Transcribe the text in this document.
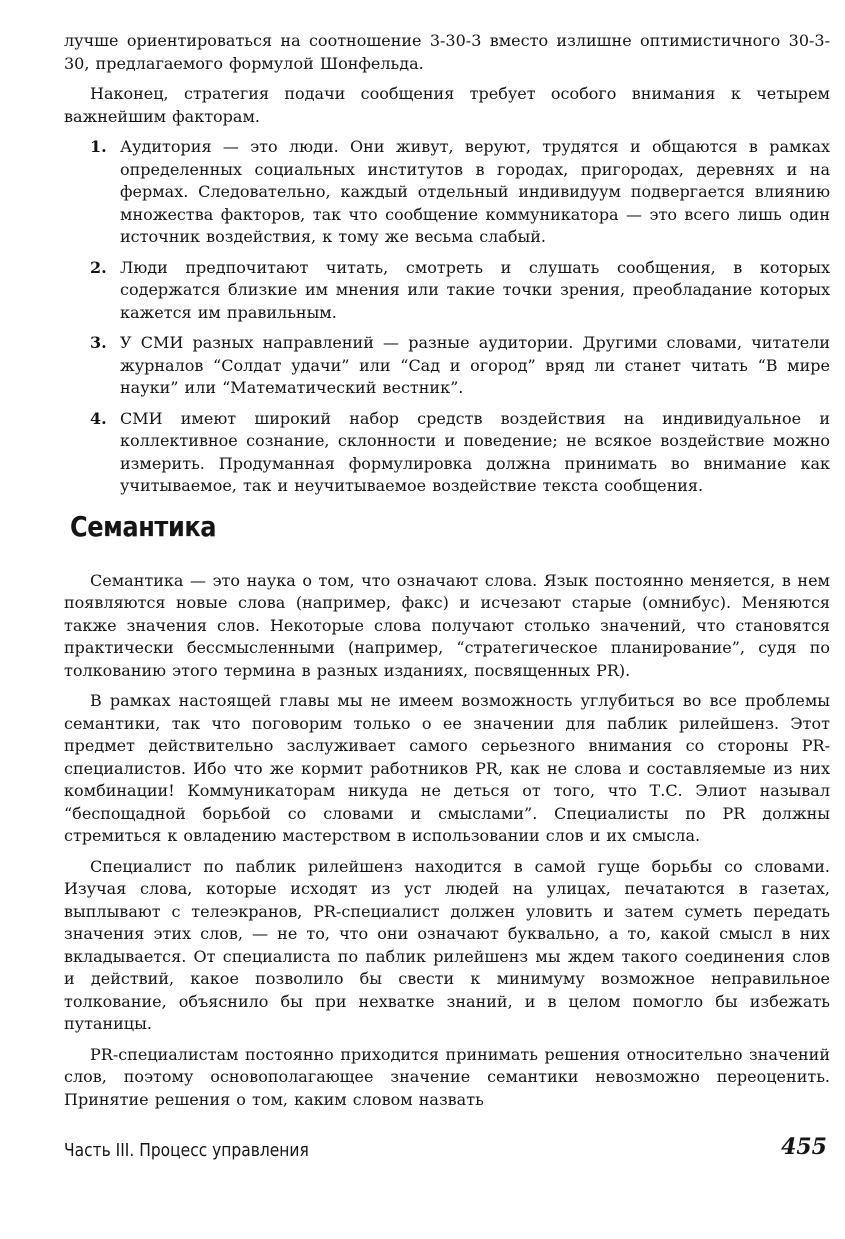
лучше ориентироваться на соотношение 3-30-3 вместо излишне оптимистичного 30-3-30, предлагаемого формулой Шонфельда.

Наконец, стратегия подачи сообщения требует особого внимания к четырем важнейшим факторам.

1. Аудитория — это люди. Они живут, веруют, трудятся и общаются в рамках определенных социальных институтов в городах, пригородах, деревнях и на фермах. Следовательно, каждый отдельный индивидуум подвергается влиянию множества факторов, так что сообщение коммуникатора — это всего лишь один источник воздействия, к тому же весьма слабый.
2. Люди предпочитают читать, смотреть и слушать сообщения, в которых содержатся близкие им мнения или такие точки зрения, преобладание которых кажется им правильным.
3. У СМИ разных направлений — разные аудитории. Другими словами, читатели журналов “Солдат удачи” или “Сад и огород” вряд ли станет читать “В мире науки” или “Математический вестник”.
4. СМИ имеют широкий набор средств воздействия на индивидуальное и коллективное сознание, склонности и поведение; не всякое воздействие можно измерить. Продуманная формулировка должна принимать во внимание как учитываемое, так и неучитываемое воздействие текста сообщения.
Семантика

Семантика — это наука о том, что означают слова. Язык постоянно меняется, в нем появляются новые слова (например, факс) и исчезают старые (омнибус). Меняются также значения слов. Некоторые слова получают столько значений, что становятся практически бессмысленными (например, “стратегическое планирование”, судя по толкованию этого термина в разных изданиях, посвященных PR).

В рамках настоящей главы мы не имеем возможность углубиться во все проблемы семантики, так что поговорим только о ее значении для паблик рилейшенз. Этот предмет действительно заслуживает самого серьезного внимания со стороны PR-специалистов. Ибо что же кормит работников PR, как не слова и составляемые из них комбинации! Коммуникаторам никуда не деться от того, что Т.С. Элиот называл “беспощадной борьбой со словами и смыслами”. Специалисты по PR должны стремиться к овладению мастерством в использовании слов и их смысла.

Специалист по паблик рилейшенз находится в самой гуще борьбы со словами. Изучая слова, которые исходят из уст людей на улицах, печатаются в газетах, выплывают с телеэкранов, PR-специалист должен уловить и затем суметь передать значения этих слов, — не то, что они означают буквально, а то, какой смысл в них вкладывается. От специалиста по паблик рилейшенз мы ждем такого соединения слов и действий, какое позволило бы свести к минимуму возможное неправильное толкование, объяснило бы при нехватке знаний, и в целом помогло бы избежать путаницы.

PR-специалистам постоянно приходится принимать решения относительно значений слов, поэтому основополагающее значение семантики невозможно переоценить. Принятие решения о том, каким словом назвать

Часть III. Процесс управления	455
